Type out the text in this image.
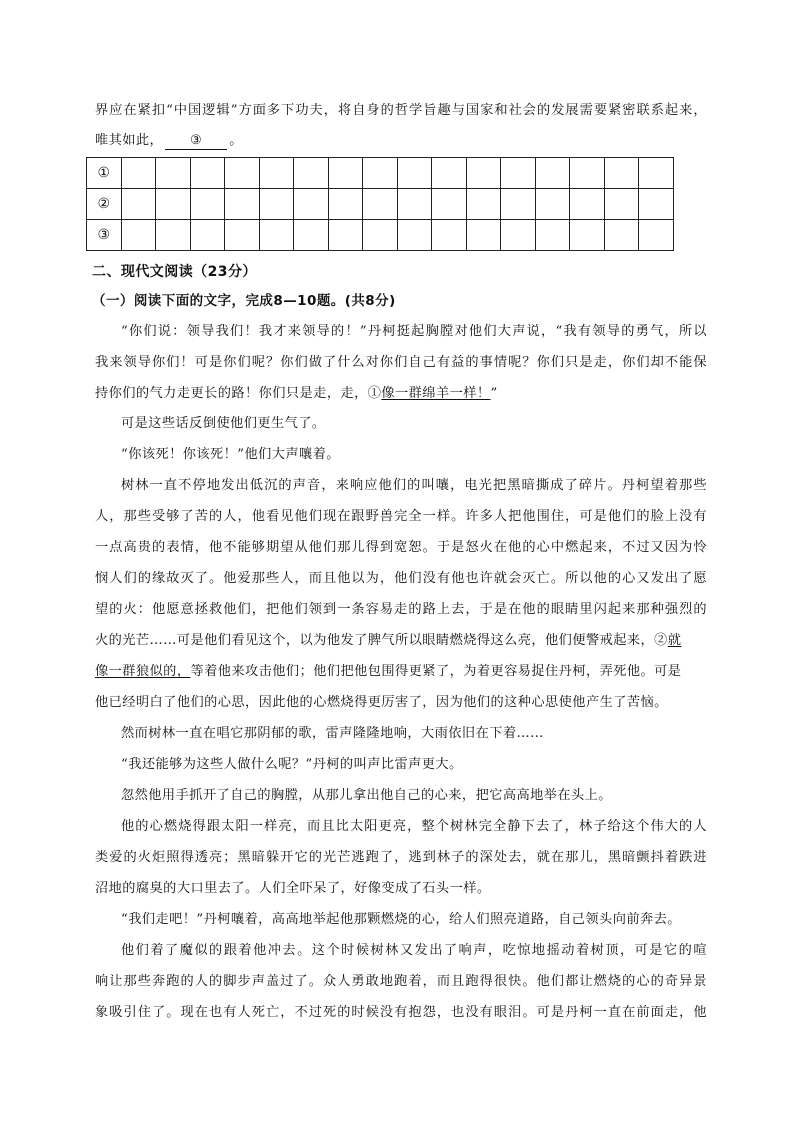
界应在紧扣“中国逻辑”方面多下功夫，将自身的哲学旨趣与国家和社会的发展需要紧密联系起来，
唯其如此， ③ 。
①																
②																
③																
二、现代文阅读（23分）
（一）阅读下面的文字，完成8—10题。(共8分)
“你们说：领导我们！我才来领导的！”丹柯挺起胸膛对他们大声说，“我有领导的勇气，所以
我来领导你们！可是你们呢？你们做了什么对你们自己有益的事情呢？你们只是走，你们却不能保
持你们的气力走更长的路！你们只是走，走，①像一群绵羊一样！”
可是这些话反倒使他们更生气了。
“你该死！你该死！”他们大声嚷着。
树林一直不停地发出低沉的声音，来响应他们的叫嚷，电光把黑暗撕成了碎片。丹柯望着那些
人，那些受够了苦的人，他看见他们现在跟野兽完全一样。许多人把他围住，可是他们的脸上没有
一点高贵的表情，他不能够期望从他们那儿得到宽恕。于是怒火在他的心中燃起来，不过又因为怜
悯人们的缘故灭了。他爱那些人，而且他以为，他们没有他也许就会灭亡。所以他的心又发出了愿
望的火：他愿意拯救他们，把他们领到一条容易走的路上去，于是在他的眼睛里闪起来那种强烈的
火的光芒……可是他们看见这个，以为他发了脾气所以眼睛燃烧得这么亮，他们便警戒起来，②就
像一群狼似的，等着他来攻击他们；他们把他包围得更紧了，为着更容易捉住丹柯，弄死他。可是
他已经明白了他们的心思，因此他的心燃烧得更厉害了，因为他们的这种心思使他产生了苦恼。
然而树林一直在唱它那阴郁的歌，雷声隆隆地响，大雨依旧在下着……
“我还能够为这些人做什么呢？”丹柯的叫声比雷声更大。
忽然他用手抓开了自己的胸膛，从那儿拿出他自己的心来，把它高高地举在头上。
他的心燃烧得跟太阳一样亮，而且比太阳更亮，整个树林完全静下去了，林子给这个伟大的人
类爱的火炬照得透亮；黑暗躲开它的光芒逃跑了，逃到林子的深处去，就在那儿，黑暗颤抖着跌进
沼地的腐臭的大口里去了。人们全吓呆了，好像变成了石头一样。
“我们走吧！”丹柯嚷着，高高地举起他那颗燃烧的心，给人们照亮道路，自己领头向前奔去。
他们着了魔似的跟着他冲去。这个时候树林又发出了响声，吃惊地摇动着树顶，可是它的喧
响让那些奔跑的人的脚步声盖过了。众人勇敢地跑着，而且跑得很快。他们都让燃烧的心的奇异景
象吸引住了。现在也有人死亡，不过死的时候没有抱怨，也没有眼泪。可是丹柯一直在前面走，他
